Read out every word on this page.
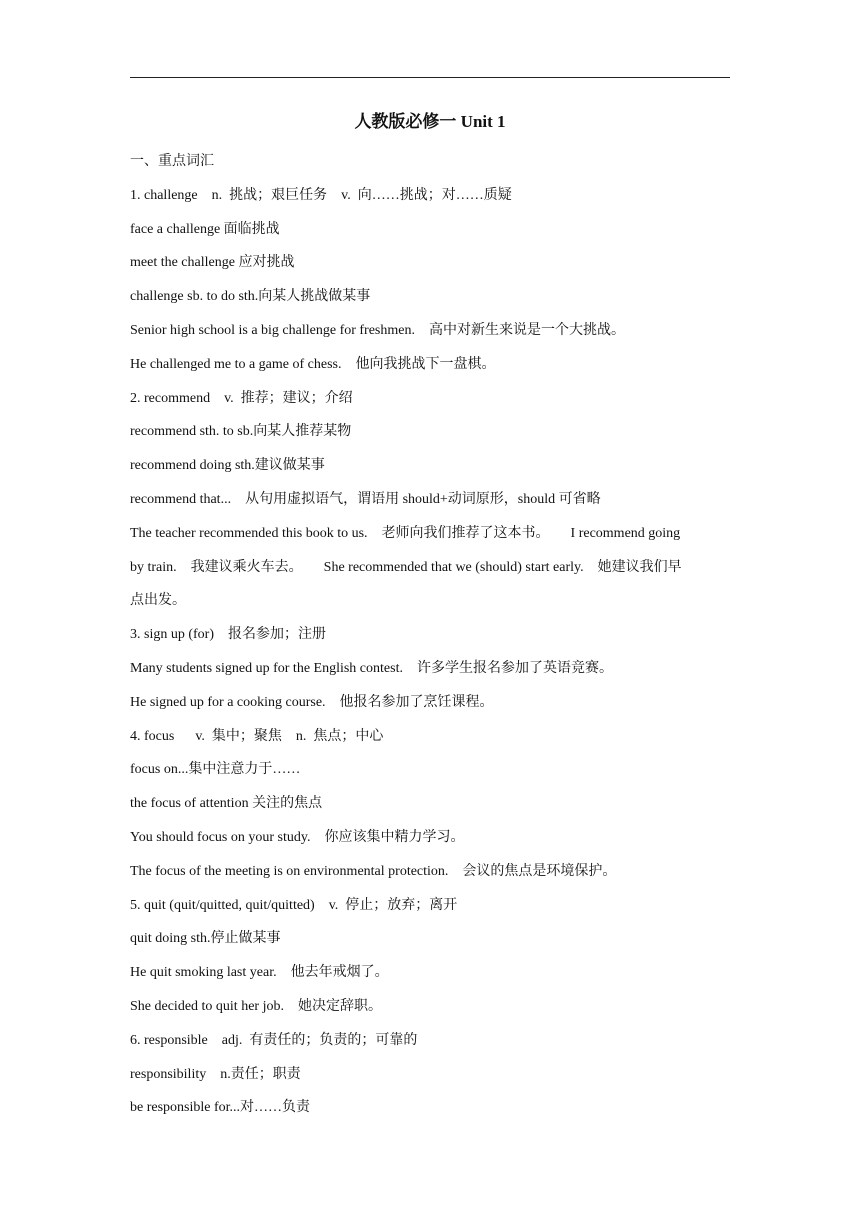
人教版必修一 Unit 1
一、重点词汇
1. challenge    n.  挑战；艰巨任务    v.  向……挑战；对……质疑
face a challenge 面临挑战
meet the challenge 应对挑战
challenge sb. to do sth.向某人挑战做某事
Senior high school is a big challenge for freshmen.    高中对新生来说是一个大挑战。
He challenged me to a game of chess.    他向我挑战下一盘棋。
2. recommend    v.  推荐；建议；介绍
recommend sth. to sb.向某人推荐某物
recommend doing sth.建议做某事
recommend that...    从句用虚拟语气，谓语用 should+动词原形，should 可省略
The teacher recommended this book to us.    老师向我们推荐了这本书。      I recommend going
by train.    我建议乘火车去。      She recommended that we (should) start early.    她建议我们早
点出发。
3. sign up (for)    报名参加；注册
Many students signed up for the English contest.    许多学生报名参加了英语竞赛。
He signed up for a cooking course.    他报名参加了烹饪课程。
4. focus      v.  集中；聚焦    n.  焦点；中心
focus on...集中注意力于……
the focus of attention 关注的焦点
You should focus on your study.    你应该集中精力学习。
The focus of the meeting is on environmental protection.    会议的焦点是环境保护。
5. quit (quit/quitted, quit/quitted)    v.  停止；放弃；离开
quit doing sth.停止做某事
He quit smoking last year.    他去年戒烟了。
She decided to quit her job.    她决定辞职。
6. responsible    adj.  有责任的；负责的；可靠的
responsibility    n.责任；职责
be responsible for...对……负责
